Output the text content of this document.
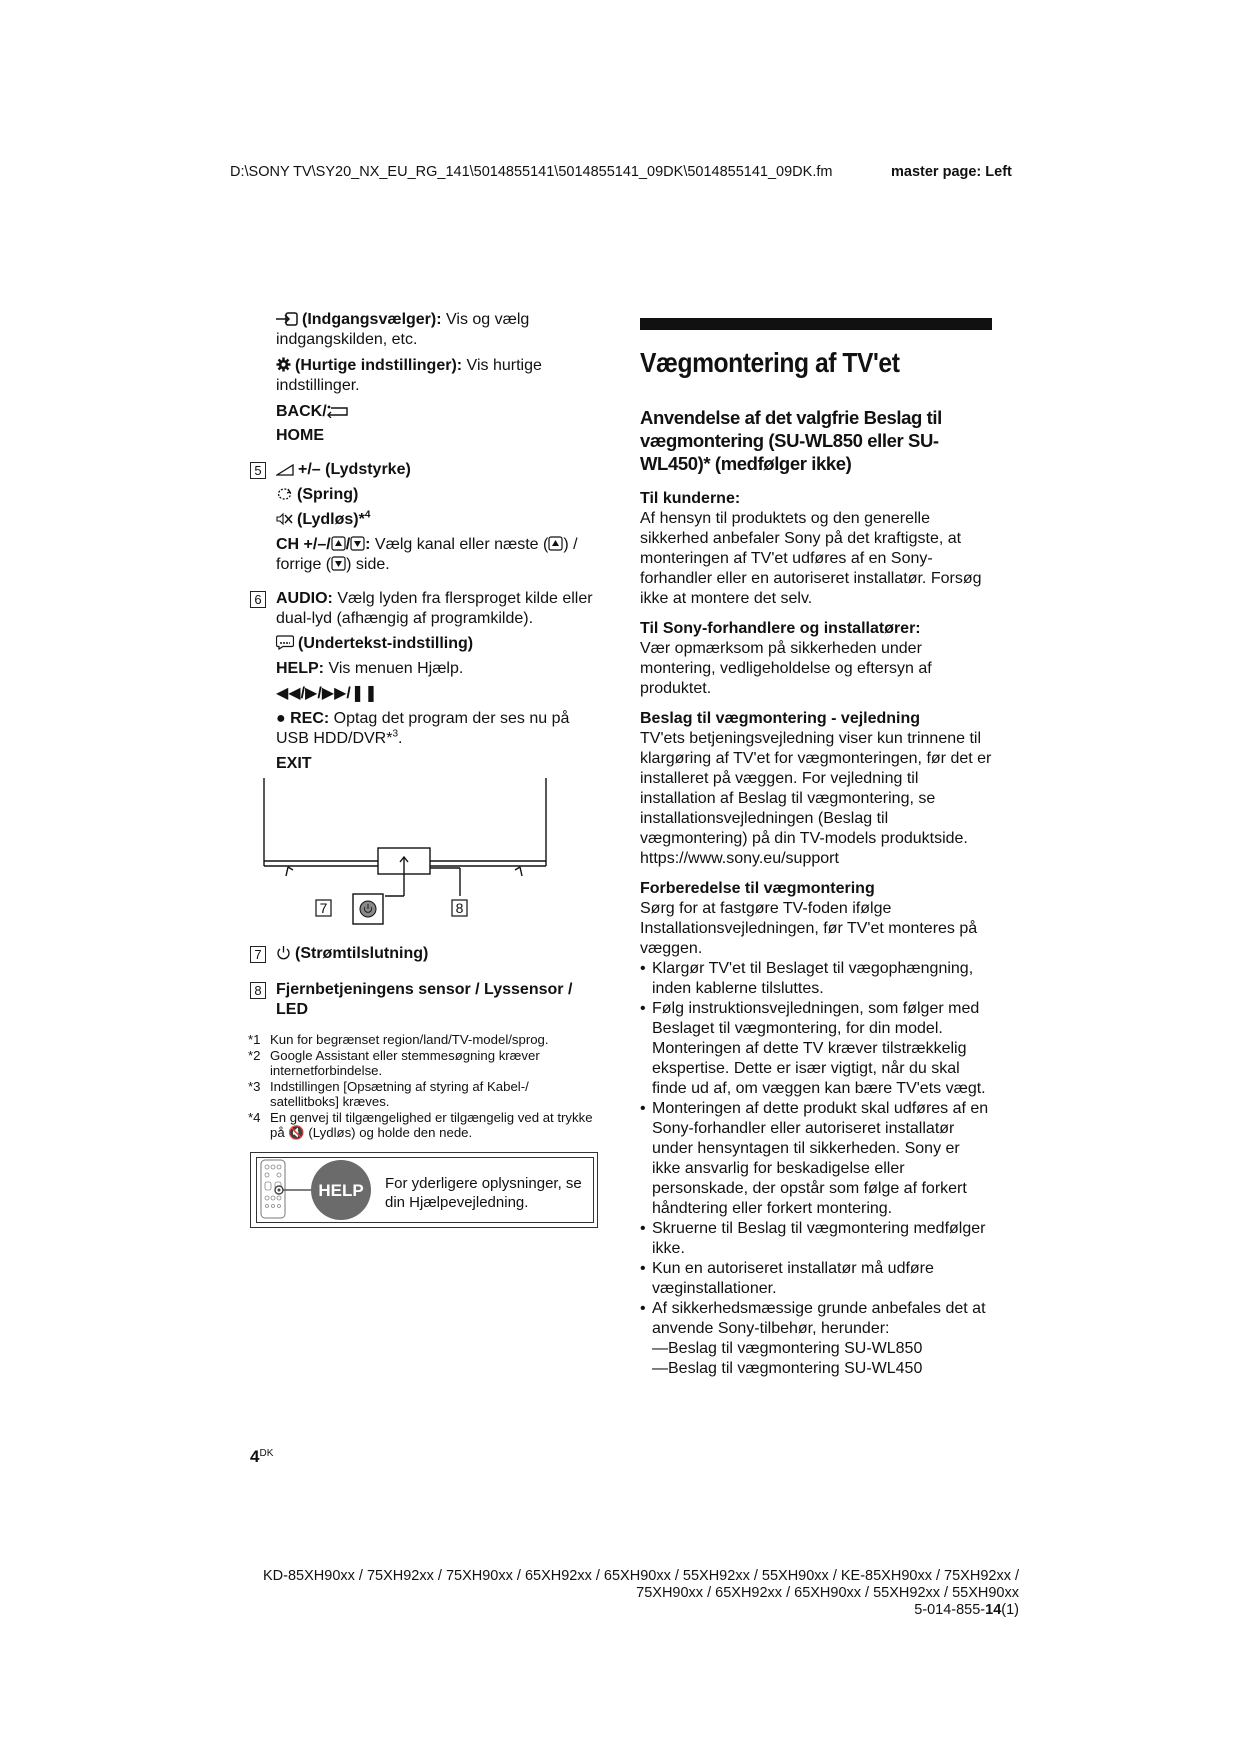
D:\SONY TV\SY20_NX_EU_RG_141\5014855141\5014855141_09DK\5014855141_09DK.fm	master page: Left

(Indgangsvælger): Vis og vælg indgangskilden, etc.

(Hurtige indstillinger): Vis hurtige indstillinger.

BACK/

HOME

5	+/– (Lydstyrke)

(Spring)

(Lydløs)*$^4$

CH +/–/ / : Vælg kanal eller næste ( ) / forrige ( ) side.

6 AUDIO: Vælg lyden fra flersproget kilde eller dual-lyd (afhængig af programkilde).

(Undertekst-indstilling)

HELP: Vis menuen Hjælp.

◀◀/▶/▶▶/❚❚

● REC: Optag det program der ses nu på USB HDD/DVR*$^3$.

EXIT

7	8
7	(Strømtilslutning)

8 Fjernbetjeningens sensor / Lyssensor / LED

*1 Kun for begrænset region/land/TV-model/sprog.
*2 Google Assistant eller stemmesøgning kræver internetforbindelse.
*3 Indstillingen [Opsætning af styring af Kabel-/ satellitboks] kræves.
*4 En genvej til tilgængelighed er tilgængelig ved at trykke på 🔇 (Lydløs) og holde den nede.
HELP For yderligere oplysninger, se din Hjælpevejledning.
Vægmontering af TV'et
Anvendelse af det valgfrie Beslag til vægmontering (SU-WL850 eller SU-WL450)* (medfølger ikke)
Til kunderne:

Af hensyn til produktets og den generelle sikkerhed anbefaler Sony på det kraftigste, at monteringen af TV'et udføres af en Sony-forhandler eller en autoriseret installatør. Forsøg ikke at montere det selv.

Til Sony-forhandlere og installatører:

Vær opmærksom på sikkerheden under montering, vedligeholdelse og eftersyn af produktet.

Beslag til vægmontering - vejledning

TV'ets betjeningsvejledning viser kun trinnene til klargøring af TV'et for vægmonteringen, før det er installeret på væggen. For vejledning til installation af Beslag til vægmontering, se installationsvejledningen (Beslag til vægmontering) på din TV-models produktside. https://www.sony.eu/support

Forberedelse til vægmontering
Sørg for at fastgøre TV-foden ifølge Installationsvejledningen, før TV'et monteres på væggen.
• Klargør TV'et til Beslaget til vægophængning, inden kablerne tilsluttes.
• Følg instruktionsvejledningen, som følger med Beslaget til vægmontering, for din model. Monteringen af dette TV kræver tilstrækkelig ekspertise. Dette er især vigtigt, når du skal finde ud af, om væggen kan bære TV'ets vægt.
• Monteringen af dette produkt skal udføres af en Sony-forhandler eller autoriseret installatør under hensyntagen til sikkerheden. Sony er ikke ansvarlig for beskadigelse eller personskade, der opstår som følge af forkert håndtering eller forkert montering.
• Skruerne til Beslag til vægmontering medfølger ikke.
• Kun en autoriseret installatør må udføre væginstallationer.
• Af sikkerhedsmæssige grunde anbefales det at anvende Sony-tilbehør, herunder:
—Beslag til vægmontering SU-WL850
—Beslag til vægmontering SU-WL450
$4^{DK}$
KD-85XH90xx / 75XH92xx / 75XH90xx / 65XH92xx / 65XH90xx / 55XH92xx / 55XH90xx / KE-85XH90xx / 75XH92xx /
75XH90xx / 65XH92xx / 65XH90xx / 55XH92xx / 55XH90xx
5-014-855-14(1)
